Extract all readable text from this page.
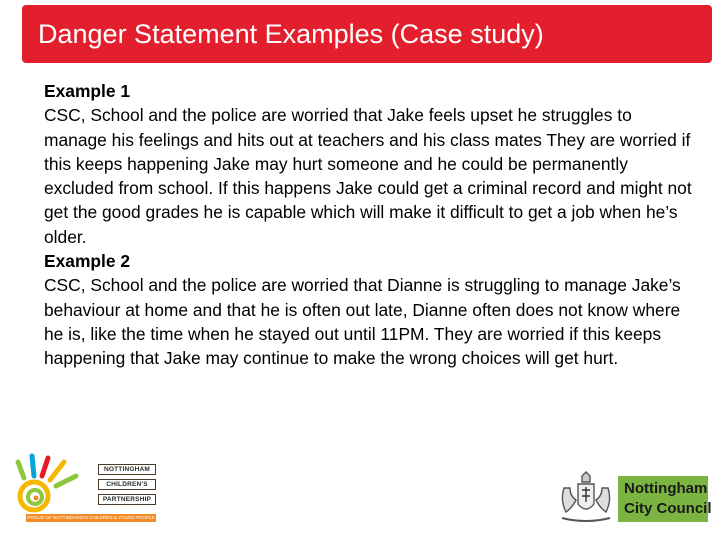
Danger Statement Examples (Case study)

Example 1

CSC, School and the police are worried that Jake feels upset he struggles to manage his feelings and hits out at teachers and his class mates They are worried if this keeps happening Jake may hurt someone and he could be permanently excluded from school. If this happens Jake could get a criminal record and might not get the good grades he is capable which will make it difficult to get a job when he’s older.

Example 2

CSC, School and the police are worried that Dianne is struggling to manage Jake’s behaviour at home and that he is often out late, Dianne often does not know where he is, like the time when he stayed out until 11PM. They are worried if this keeps happening that Jake may continue to make the wrong choices will get hurt.

NOTTINGHAM
CHILDREN'S
PARTNERSHIP
PROUD OF NOTTINGHAM'S CHILDREN & YOUNG PEOPLE
Nottingham
City Council
